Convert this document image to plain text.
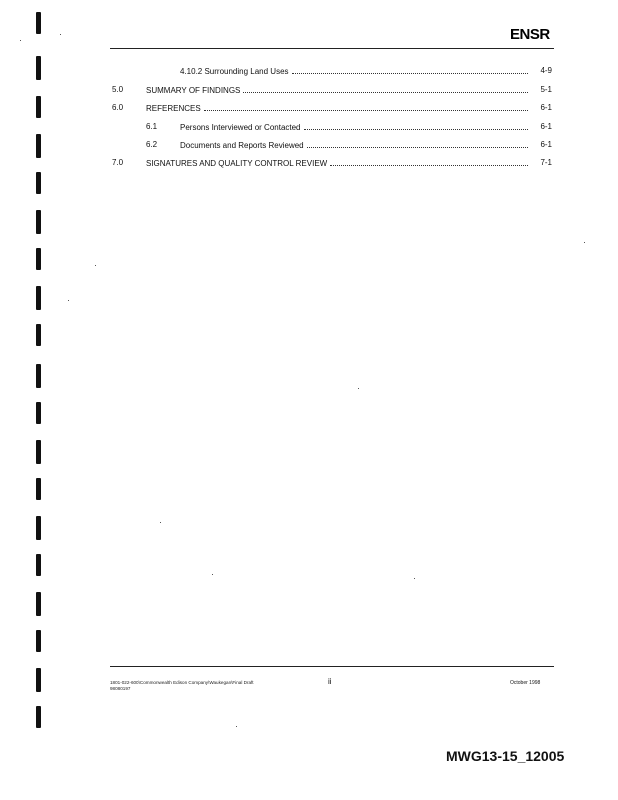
ENSR
4.10.2 Surrounding Land Uses	4-9
5.0	SUMMARY OF FINDINGS	5-1
6.0	REFERENCES	6-1
6.1	Persons Interviewed or Contacted	6-1
6.2	Documents and Reports Reviewed	6-1
7.0	SIGNATURES AND QUALITY CONTROL REVIEW	7-1
1801-022-600\Commonwealth Edison Company\Waukegan\Final Draft
98080197
ii	October 1998
MWG13-15_12005
